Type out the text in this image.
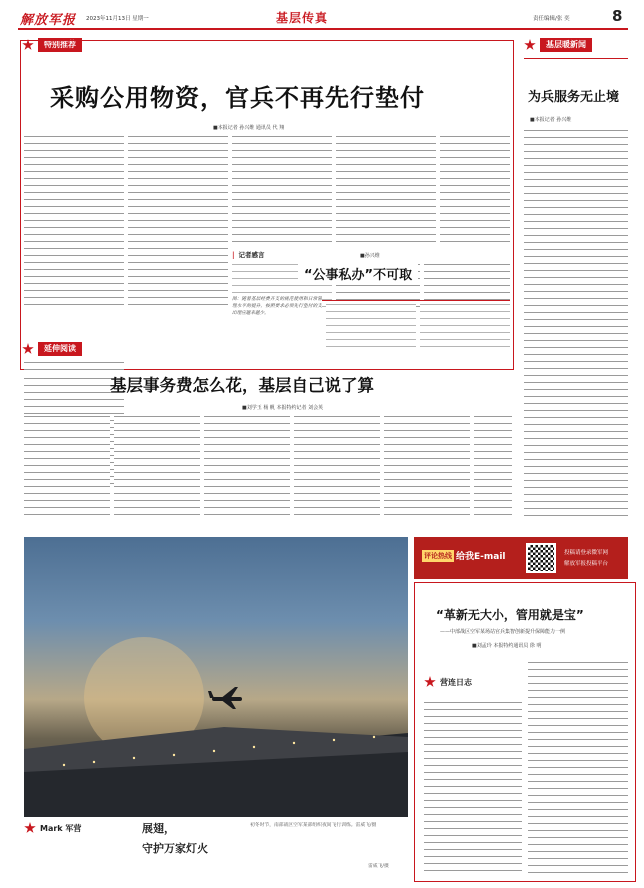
解放军报 2023年11月13日 星期一	基层传真	责任编辑/张 奕	8
特别推荐	基层暖新闻
采购公用物资，官兵不再先行垫付
■本报记者 孙兴维 通讯员 代 翔
| 记者感言	■孙兴维
“公事私办”不可取
图：随着基层经费开支的规范使用和日常管理水平的提升，按照要求必须先行垫付的支出理应越来越少。
延伸阅读
基层事务费怎么花，基层自己说了算
■刘学玉 杨 帆 本报特约记者 刘会英
为兵服务无止境
■本报记者 孙兴维
评论热线 给我E-mail	投稿请登录微军网
解放军报投稿平台
“革新无大小，管用就是宝”
——中部战区空军某场站官兵集智创新提升保障能力一例
■刘孟玲 本报特约通讯员 徐 明
营连日志
Mark 军营	展翅，
守护万家灯火
初冬时节，南部战区空军某部组织夜间飞行训练。雷威飞/摄
雷威飞/摄
